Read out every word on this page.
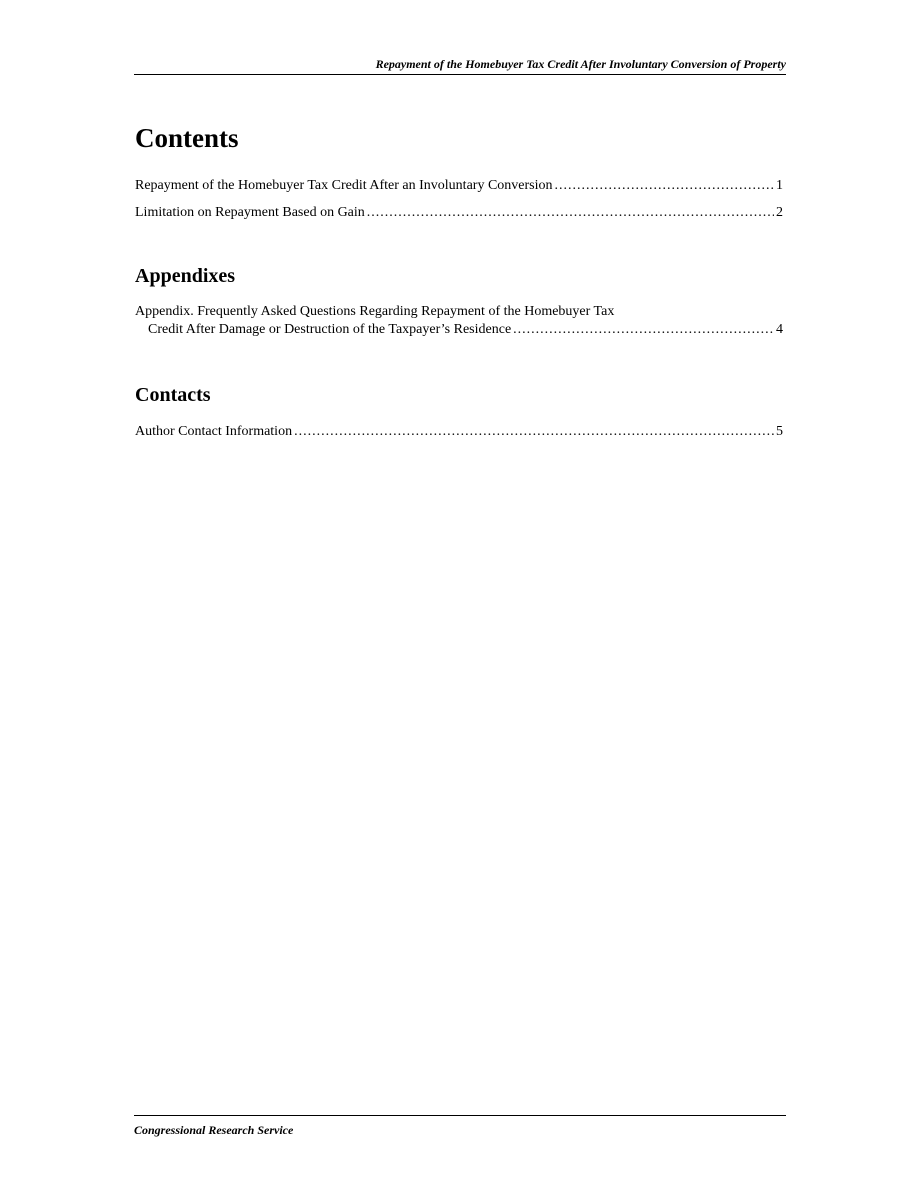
Repayment of the Homebuyer Tax Credit After Involuntary Conversion of Property
Contents
Repayment of the Homebuyer Tax Credit After an Involuntary Conversion .....	1
Limitation on Repayment Based on Gain .....	2
Appendixes
Appendix. Frequently Asked Questions Regarding Repayment of the Homebuyer Tax
Credit After Damage or Destruction of the Taxpayer’s Residence .....	4
Contacts
Author Contact Information .....	5
Congressional Research Service
